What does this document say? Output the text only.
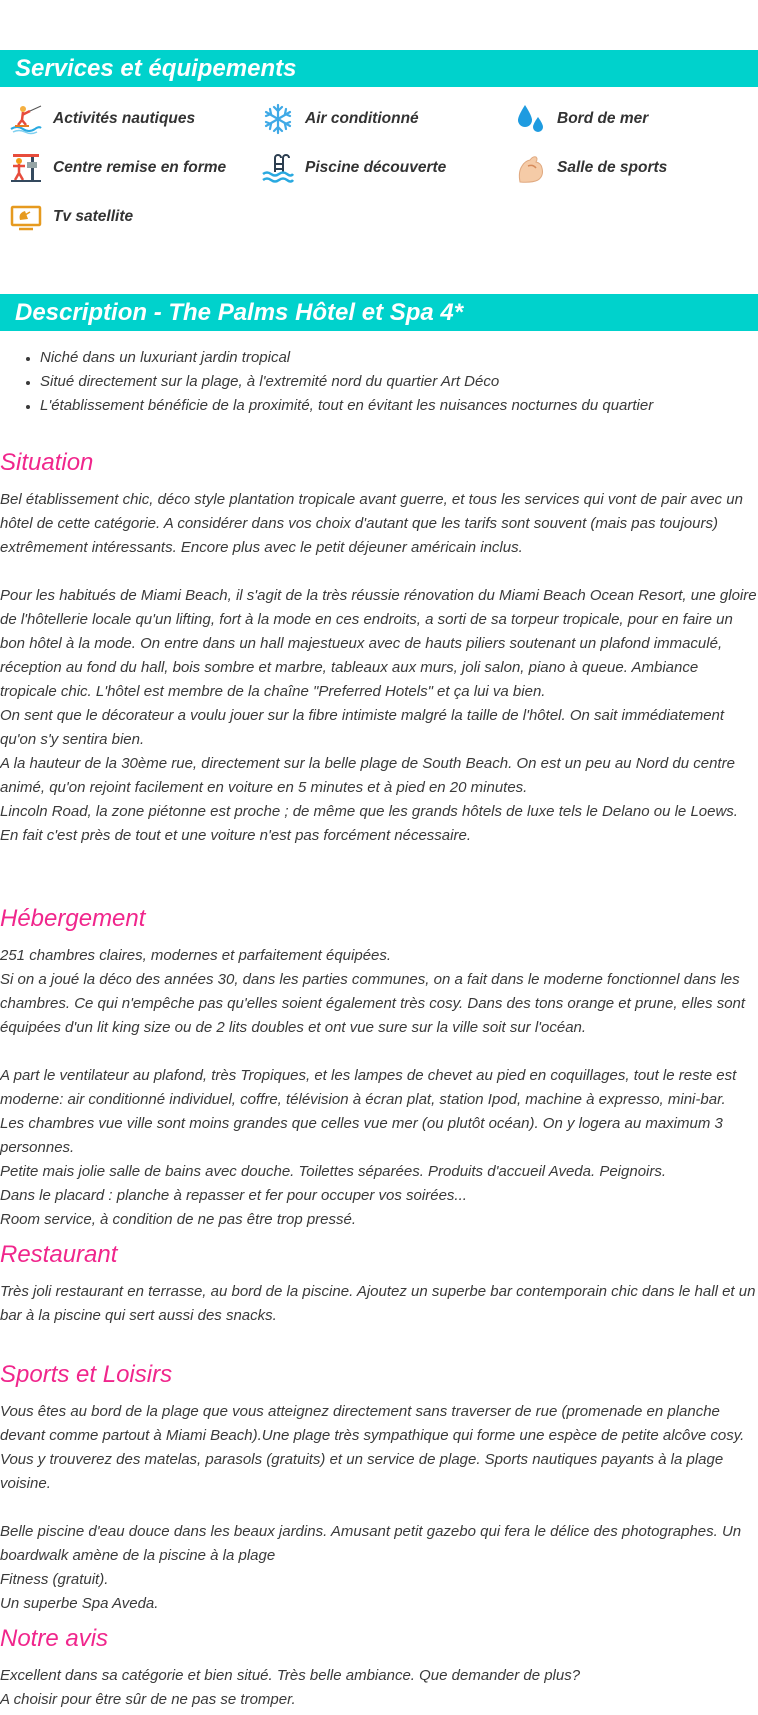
Services et équipements
Activités nautiques	Air conditionné	Bord de mer
Centre remise en forme	Piscine découverte	Salle de sports
Tv satellite
Description - The Palms Hôtel et Spa 4*
• Niché dans un luxuriant jardin tropical
• Situé directement sur la plage, à l'extremité nord du quartier Art Déco
• L'établissement bénéficie de la proximité, tout en évitant les nuisances nocturnes du quartier
Situation

Bel établissement chic, déco style plantation tropicale avant guerre, et tous les services qui vont de pair avec un hôtel de cette catégorie. A considérer dans vos choix d'autant que les tarifs sont souvent (mais pas toujours) extrêmement intéressants. Encore plus avec le petit déjeuner américain inclus.

Pour les habitués de Miami Beach, il s'agit de la très réussie rénovation du Miami Beach Ocean Resort, une gloire de l'hôtellerie locale qu'un lifting, fort à la mode en ces endroits, a sorti de sa torpeur tropicale, pour en faire un bon hôtel à la mode. On entre dans un hall majestueux avec de hauts piliers soutenant un plafond immaculé, réception au fond du hall, bois sombre et marbre, tableaux aux murs, joli salon, piano à queue. Ambiance tropicale chic. L'hôtel est membre de la chaîne "Preferred Hotels" et ça lui va bien.

On sent que le décorateur a voulu jouer sur la fibre intimiste malgré la taille de l'hôtel. On sait immédiatement qu'on s'y sentira bien.

A la hauteur de la 30ème rue, directement sur la belle plage de South Beach. On est un peu au Nord du centre animé, qu'on rejoint facilement en voiture en 5 minutes et à pied en 20 minutes.

Lincoln Road, la zone piétonne est proche ; de même que les grands hôtels de luxe tels le Delano ou le Loews.

En fait c'est près de tout et une voiture n'est pas forcément nécessaire.

Hébergement

251 chambres claires, modernes et parfaitement équipées.

Si on a joué la déco des années 30, dans les parties communes, on a fait dans le moderne fonctionnel dans les chambres. Ce qui n'empêche pas qu'elles soient également très cosy. Dans des tons orange et prune, elles sont équipées d'un lit king size ou de 2 lits doubles et ont vue sure sur la ville soit sur l'océan.

A part le ventilateur au plafond, très Tropiques, et les lampes de chevet au pied en coquillages, tout le reste est moderne: air conditionné individuel, coffre, télévision à écran plat, station Ipod, machine à expresso, mini-bar.

Les chambres vue ville sont moins grandes que celles vue mer (ou plutôt océan). On y logera au maximum 3 personnes.

Petite mais jolie salle de bains avec douche. Toilettes séparées. Produits d'accueil Aveda. Peignoirs.

Dans le placard : planche à repasser et fer pour occuper vos soirées...

Room service, à condition de ne pas être trop pressé.

Restaurant

Très joli restaurant en terrasse, au bord de la piscine. Ajoutez un superbe bar contemporain chic dans le hall et un bar à la piscine qui sert aussi des snacks.

Sports et Loisirs

Vous êtes au bord de la plage que vous atteignez directement sans traverser de rue (promenade en planche devant comme partout à Miami Beach).Une plage très sympathique qui forme une espèce de petite alcôve cosy. Vous y trouverez des matelas, parasols (gratuits) et un service de plage. Sports nautiques payants à la plage voisine.

Belle piscine d'eau douce dans les beaux jardins. Amusant petit gazebo qui fera le délice des photographes. Un boardwalk amène de la piscine à la plage

Fitness (gratuit).

Un superbe Spa Aveda.

Notre avis

Excellent dans sa catégorie et bien situé. Très belle ambiance. Que demander de plus?

A choisir pour être sûr de ne pas se tromper.
